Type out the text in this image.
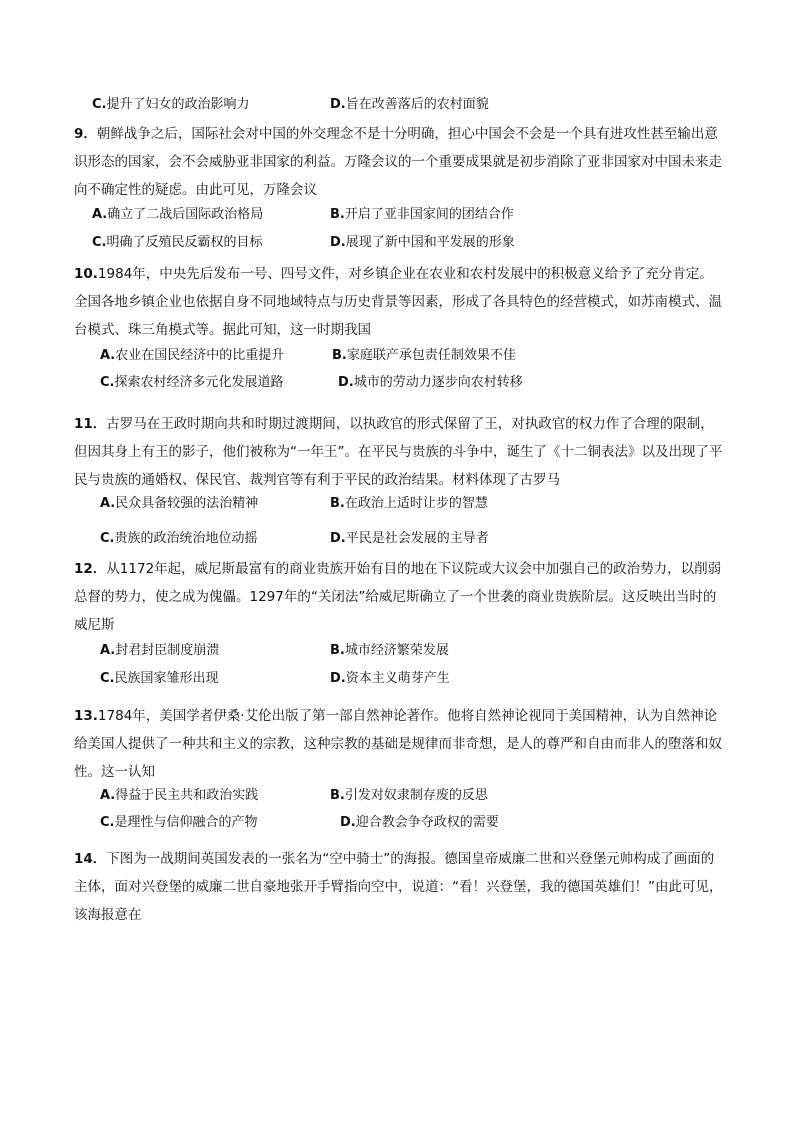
C.提升了妇女的政治影响力	D.旨在改善落后的农村面貌
9．朝鲜战争之后，国际社会对中国的外交理念不是十分明确，担心中国会不会是一个具有进攻性甚至输出意识形态的国家，会不会威胁亚非国家的利益。万隆会议的一个重要成果就是初步消除了亚非国家对中国未来走向不确定性的疑虑。由此可见，万隆会议
A.确立了二战后国际政治格局	B.开启了亚非国家间的团结合作
C.明确了反殖民反霸权的目标	D.展现了新中国和平发展的形象
10.1984年，中央先后发布一号、四号文件，对乡镇企业在农业和农村发展中的积极意义给予了充分肯定。全国各地乡镇企业也依据自身不同地域特点与历史背景等因素，形成了各具特色的经营模式，如苏南模式、温台模式、珠三角模式等。据此可知，这一时期我国
A.农业在国民经济中的比重提升	B.家庭联产承包责任制效果不佳
C.探索农村经济多元化发展道路	D.城市的劳动力逐步向农村转移
11．古罗马在王政时期向共和时期过渡期间，以执政官的形式保留了王，对执政官的权力作了合理的限制，但因其身上有王的影子，他们被称为“一年王”。在平民与贵族的斗争中，诞生了《十二铜表法》以及出现了平民与贵族的通婚权、保民官、裁判官等有利于平民的政治结果。材料体现了古罗马
A.民众具备较强的法治精神	B.在政治上适时让步的智慧
C.贵族的政治统治地位动摇	D.平民是社会发展的主导者
12．从1172年起，威尼斯最富有的商业贵族开始有目的地在下议院或大议会中加强自己的政治势力，以削弱总督的势力，使之成为傀儡。1297年的“关闭法”给威尼斯确立了一个世袭的商业贵族阶层。这反映出当时的威尼斯
A.封君封臣制度崩溃	B.城市经济繁荣发展
C.民族国家雏形出现	D.资本主义萌芽产生
13.1784年，美国学者伊桑·艾伦出版了第一部自然神论著作。他将自然神论视同于美国精神，认为自然神论给美国人提供了一种共和主义的宗教，这种宗教的基础是规律而非奇想，是人的尊严和自由而非人的堕落和奴性。这一认知
A.得益于民主共和政治实践	B.引发对奴隶制存废的反思
C.是理性与信仰融合的产物	D.迎合教会争夺政权的需要
14．下图为一战期间英国发表的一张名为“空中骑士”的海报。德国皇帝威廉二世和兴登堡元帅构成了画面的主体，面对兴登堡的威廉二世自豪地张开手臂指向空中，说道：“看！兴登堡，我的德国英雄们！”由此可见，该海报意在
